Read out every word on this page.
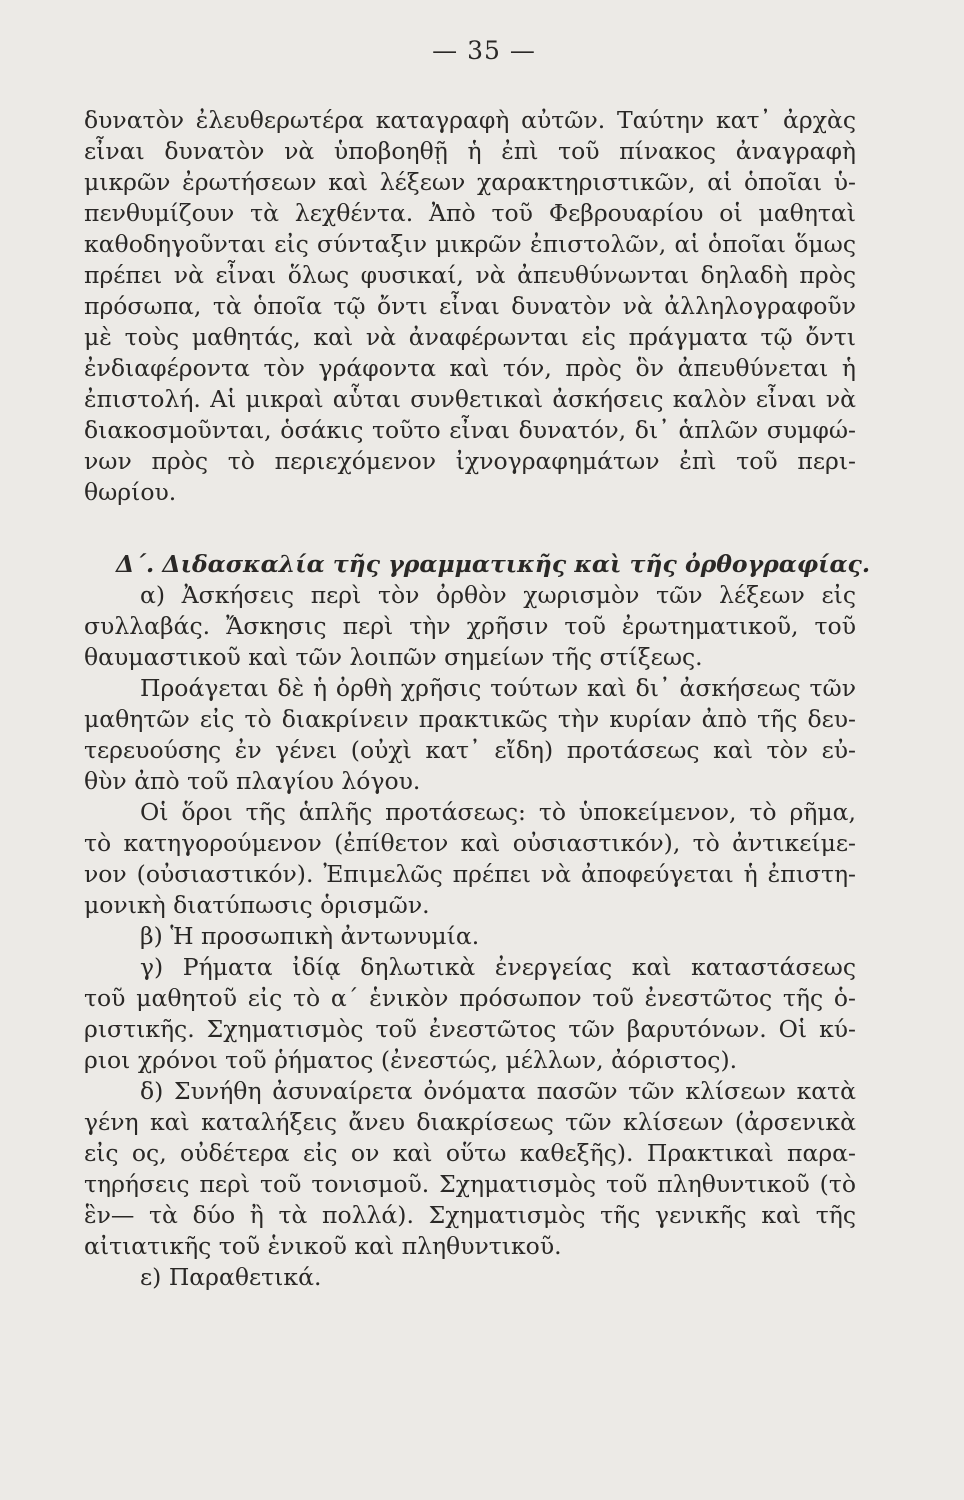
— 35 —
δυνατὸν ἐλευθερωτέρα καταγραφὴ αὐτῶν. Ταύτην κατ᾿ ἀρχὰς
εἶναι δυνατὸν νὰ ὑποβοηθῇ ἡ ἐπὶ τοῦ πίνακος ἀναγραφὴ
μικρῶν ἐρωτήσεων καὶ λέξεων χαρακτηριστικῶν, αἱ ὁποῖαι ὑ-
πενθυμίζουν τὰ λεχθέντα. Ἀπὸ τοῦ Φεβρουαρίου οἱ μαθηταὶ
καθοδηγοῦνται εἰς σύνταξιν μικρῶν ἐπιστολῶν, αἱ ὁποῖαι ὅμως
πρέπει νὰ εἶναι ὅλως φυσικαί, νὰ ἀπευθύνωνται δηλαδὴ πρὸς
πρόσωπα, τὰ ὁποῖα τῷ ὄντι εἶναι δυνατὸν νὰ ἀλληλογραφοῦν
μὲ τοὺς μαθητάς, καὶ νὰ ἀναφέρωνται εἰς πράγματα τῷ ὄντι
ἐνδιαφέροντα τὸν γράφοντα καὶ τόν, πρὸς ὃν ἀπευθύνεται ἡ
ἐπιστολή. Αἱ μικραὶ αὗται συνθετικαὶ ἀσκήσεις καλὸν εἶναι νὰ
διακοσμοῦνται, ὁσάκις τοῦτο εἶναι δυνατόν, δι᾿ ἁπλῶν συμφώ-
νων πρὸς τὸ περιεχόμενον ἰχνογραφημάτων ἐπὶ τοῦ περι-
θωρίου.
Δ΄. Διδασκαλία τῆς γραμματικῆς καὶ τῆς ὀρθογραφίας.
α) Ἀσκήσεις περὶ τὸν ὀρθὸν χωρισμὸν τῶν λέξεων εἰς
συλλαβάς. Ἄσκησις περὶ τὴν χρῆσιν τοῦ ἐρωτηματικοῦ, τοῦ
θαυμαστικοῦ καὶ τῶν λοιπῶν σημείων τῆς στίξεως.
Προάγεται δὲ ἡ ὀρθὴ χρῆσις τούτων καὶ δι᾿ ἀσκήσεως τῶν
μαθητῶν εἰς τὸ διακρίνειν πρακτικῶς τὴν κυρίαν ἀπὸ τῆς δευ-
τερευούσης ἐν γένει (οὐχὶ κατ᾿ εἴδη) προτάσεως καὶ τὸν εὐ-
θὺν ἀπὸ τοῦ πλαγίου λόγου.
Οἱ ὅροι τῆς ἁπλῆς προτάσεως: τὸ ὑποκείμενον, τὸ ρῆμα,
τὸ κατηγορούμενον (ἐπίθετον καὶ οὐσιαστικόν), τὸ ἀντικείμε-
νον (οὐσιαστικόν). Ἐπιμελῶς πρέπει νὰ ἀποφεύγεται ἡ ἐπιστη-
μονικὴ διατύπωσις ὁρισμῶν.
β) Ἡ προσωπικὴ ἀντωνυμία.
γ) Ρήματα ἰδίᾳ δηλωτικὰ ἐνεργείας καὶ καταστάσεως
τοῦ μαθητοῦ εἰς τὸ α΄ ἑνικὸν πρόσωπον τοῦ ἐνεστῶτος τῆς ὁ-
ριστικῆς. Σχηματισμὸς τοῦ ἐνεστῶτος τῶν βαρυτόνων. Οἱ κύ-
ριοι χρόνοι τοῦ ῥήματος (ἐνεστώς, μέλλων, ἀόριστος).
δ) Συνήθη ἀσυναίρετα ὀνόματα πασῶν τῶν κλίσεων κατὰ
γένη καὶ καταλήξεις ἄνευ διακρίσεως τῶν κλίσεων (ἀρσενικὰ
εἰς ος, οὐδέτερα εἰς ον καὶ οὕτω καθεξῆς). Πρακτικαὶ παρα-
τηρήσεις περὶ τοῦ τονισμοῦ. Σχηματισμὸς τοῦ πληθυντικοῦ (τὸ
ἓν— τὰ δύο ἢ τὰ πολλά). Σχηματισμὸς τῆς γενικῆς καὶ τῆς
αἰτιατικῆς τοῦ ἑνικοῦ καὶ πληθυντικοῦ.
ε) Παραθετικά.
